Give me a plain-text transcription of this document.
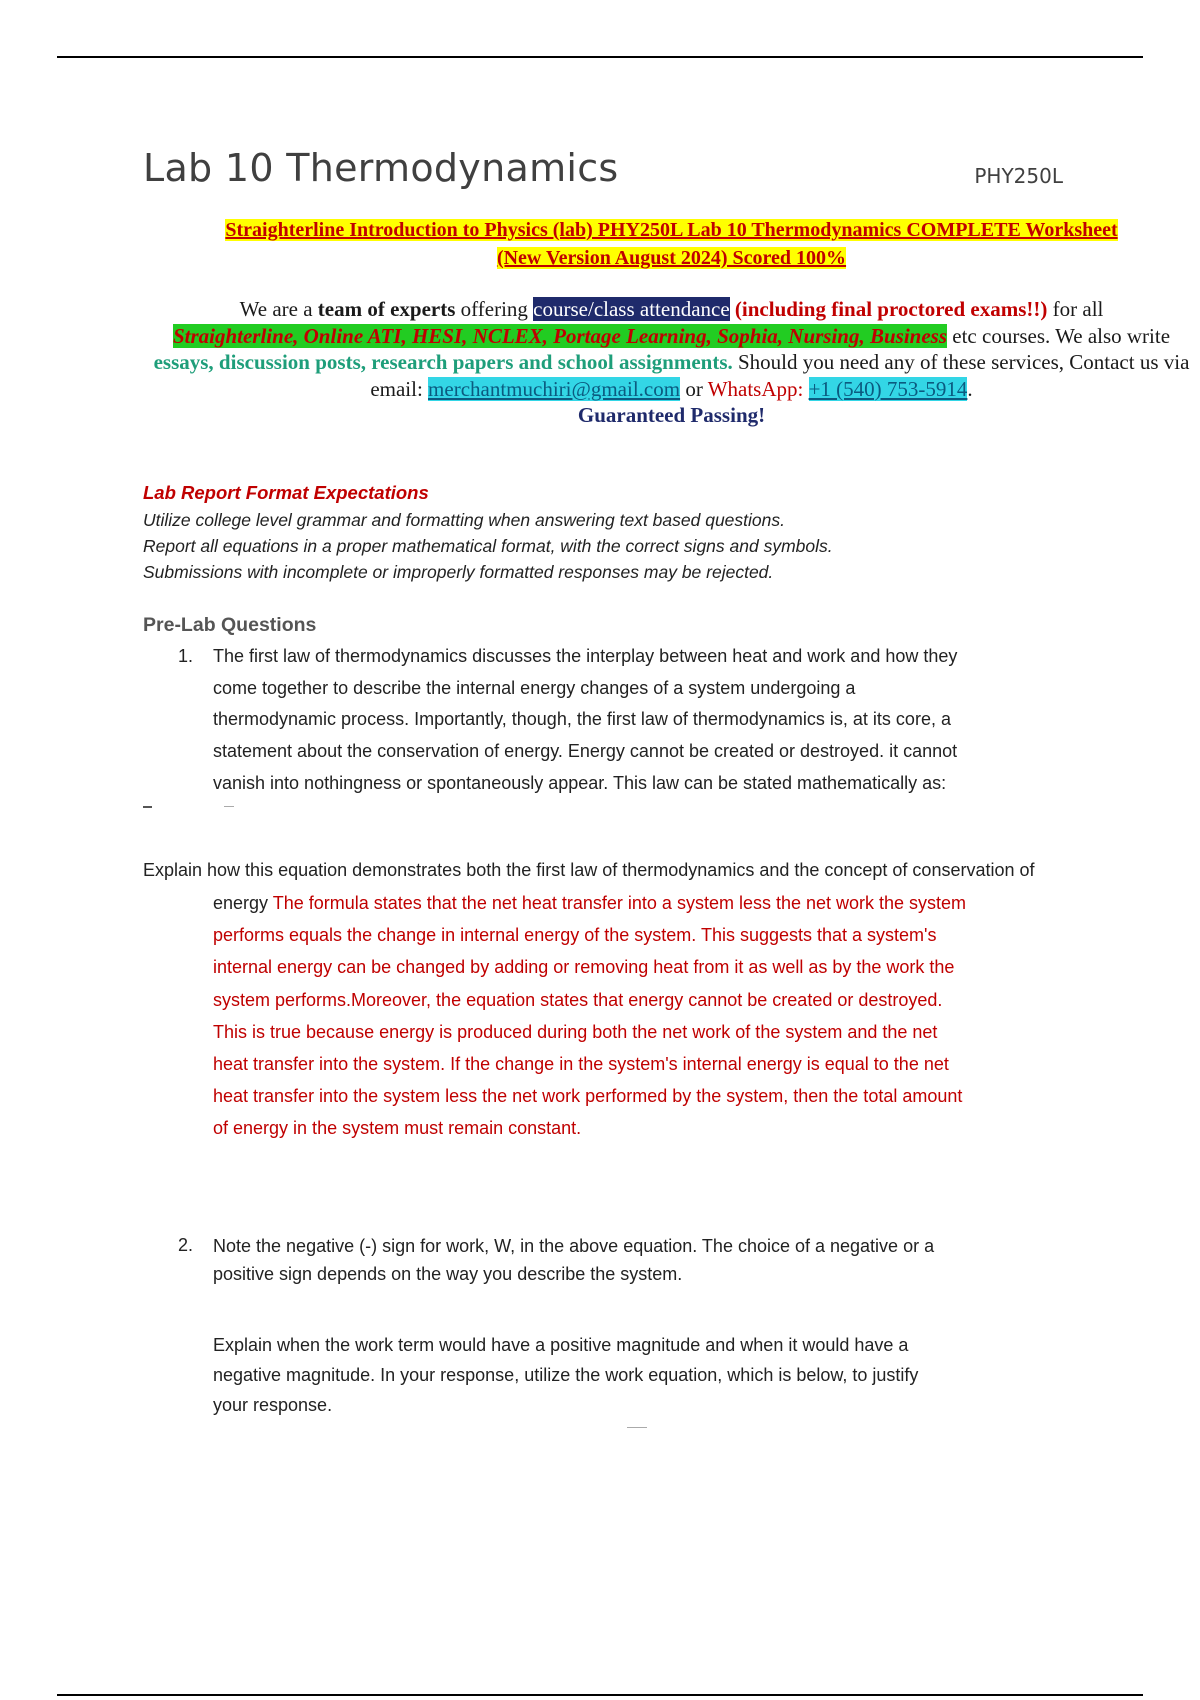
Lab 10 Thermodynamics	PHY250L
Straighterline Introduction to Physics (lab) PHY250L Lab 10 Thermodynamics COMPLETE Worksheet
(New Version August 2024) Scored 100%
We are a team of experts offering course/class attendance (including final proctored exams!!) for all
Straighterline, Online ATI, HESI, NCLEX, Portage Learning, Sophia, Nursing, Business etc courses. We also write essays, discussion posts, research papers and school assignments. Should you need any of these services, Contact us via email: merchantmuchiri@gmail.com or WhatsApp: +1 (540) 753-5914.
Guaranteed Passing!
Lab Report Format Expectations
Utilize college level grammar and formatting when answering text based questions.
Report all equations in a proper mathematical format, with the correct signs and symbols.
Submissions with incomplete or improperly formatted responses may be rejected.
Pre-Lab Questions
1. The first law of thermodynamics discusses the interplay between heat and work and how they
come together to describe the internal energy changes of a system undergoing a
thermodynamic process. Importantly, though, the first law of thermodynamics is, at its core, a
statement about the conservation of energy. Energy cannot be created or destroyed. it cannot
vanish into nothingness or spontaneously appear. This law can be stated mathematically as:
Explain how this equation demonstrates both the first law of thermodynamics and the concept of conservation of
energy The formula states that the net heat transfer into a system less the net work the system
performs equals the change in internal energy of the system. This suggests that a system's
internal energy can be changed by adding or removing heat from it as well as by the work the
system performs.Moreover, the equation states that energy cannot be created or destroyed.
This is true because energy is produced during both the net work of the system and the net
heat transfer into the system. If the change in the system's internal energy is equal to the net
heat transfer into the system less the net work performed by the system, then the total amount
of energy in the system must remain constant.
2. Note the negative (-) sign for work, W, in the above equation. The choice of a negative or a
positive sign depends on the way you describe the system.
Explain when the work term would have a positive magnitude and when it would have a
negative magnitude. In your response, utilize the work equation, which is below, to justify
your response.
